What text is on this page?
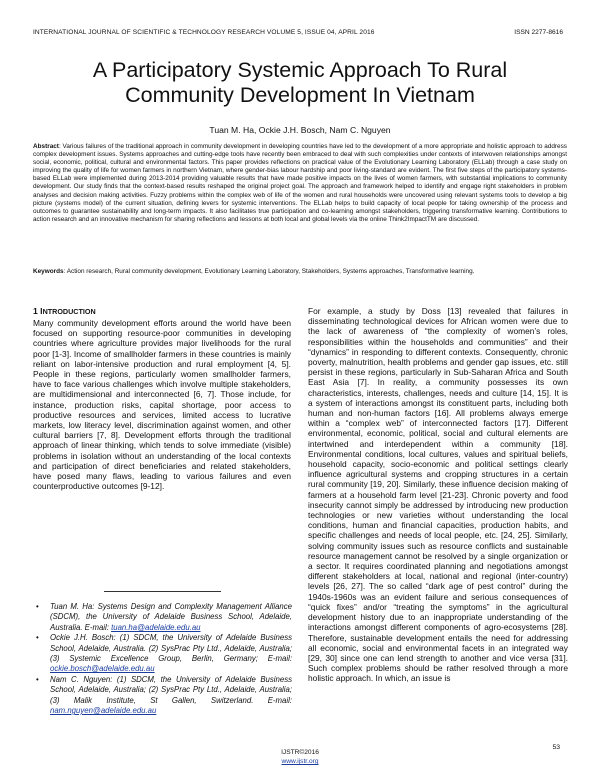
INTERNATIONAL JOURNAL OF SCIENTIFIC & TECHNOLOGY RESEARCH VOLUME 5, ISSUE 04, APRIL 2016	ISSN 2277-8616
A Participatory Systemic Approach To Rural Community Development In Vietnam
Tuan M. Ha, Ockie J.H. Bosch, Nam C. Nguyen

Abstract: Various failures of the traditional approach in community development in developing countries have led to the development of a more appropriate and holistic approach to address complex development issues. Systems approaches and cutting-edge tools have recently been embraced to deal with such complexities under contexts of interwoven relationships amongst social, economic, political, cultural and environmental factors. This paper provides reflections on practical value of the Evolutionary Learning Laboratory (ELLab) through a case study on improving the quality of life for women farmers in northern Vietnam, where gender-bias labour hardship and poor living-standard are evident. The first five steps of the participatory systems-based ELLab were implemented during 2013-2014 providing valuable results that have made positive impacts on the lives of women farmers, with substantial implications to community development. Our study finds that the context-based results reshaped the original project goal. The approach and framework helped to identify and engage right stakeholders in problem analyses and decision making activities. Fuzzy problems within the complex web of life of the women and rural households were uncovered using relevant systems tools to develop a big picture (systems model) of the current situation, defining levers for systemic interventions. The ELLab helps to build capacity of local people for taking ownership of the process and outcomes to guarantee sustainability and long-term impacts. It also facilitates true participation and co-learning amongst stakeholders, triggering transformative learning. Contributions to action research and an innovative mechanism for sharing reflections and lessons at both local and global levels via the online Think2ImpactTM are discussed.

Keywords: Action research, Rural community development, Evolutionary Learning Laboratory, Stakeholders, Systems approaches, Transformative learning.

1 INTRODUCTION

Many community development efforts around the world have been focused on supporting resource-poor communities in developing countries where agriculture provides major livelihoods for the rural poor [1-3]. Income of smallholder farmers in these countries is mainly reliant on labor-intensive production and rural employment [4, 5]. People in these regions, particularly women smallholder farmers, have to face various challenges which involve multiple stakeholders, are multidimensional and interconnected [6, 7]. Those include, for instance, production risks, capital shortage, poor access to productive resources and services, limited access to lucrative markets, low literacy level, discrimination against women, and other cultural barriers [7, 8]. Development efforts through the traditional approach of linear thinking, which tends to solve immediate (visible) problems in isolation without an understanding of the local contexts and participation of direct beneficiaries and related stakeholders, have posed many flaws, leading to various failures and even counterproductive outcomes [9-12].

• Tuan M. Ha: Systems Design and Complexity Management Alliance (SDCM), the University of Adelaide Business School, Adelaide, Australia. E-mail: tuan.ha@adelaide.edu.au
• Ockie J.H. Bosch: (1) SDCM, the University of Adelaide Business School, Adelaide, Australia. (2) SysPrac Pty Ltd., Adelaide, Australia; (3) Systemic Excellence Group, Berlin, Germany; E-mail: ockie.bosch@adelaide.edu.au
• Nam C. Nguyen: (1) SDCM, the University of Adelaide Business School, Adelaide, Australia; (2) SysPrac Pty Ltd., Adelaide, Australia; (3) Malik Institute, St Gallen, Switzerland. E-mail: nam.nguyen@adelaide.edu.au

For example, a study by Doss [13] revealed that failures in disseminating technological devices for African women were due to the lack of awareness of “the complexity of women’s roles, responsibilities within the households and communities” and their “dynamics” in responding to different contexts. Consequently, chronic poverty, malnutrition, health problems and gender gap issues, etc. still persist in these regions, particularly in Sub-Saharan Africa and South East Asia [7]. In reality, a community possesses its own characteristics, interests, challenges, needs and culture [14, 15]. It is a system of interactions amongst its constituent parts, including both human and non-human factors [16]. All problems always emerge within a “complex web” of interconnected factors [17]. Different environmental, economic, political, social and cultural elements are intertwined and interdependent within a community [18]. Environmental conditions, local cultures, values and spiritual beliefs, household capacity, socio-economic and political settings clearly influence agricultural systems and cropping structures in a certain rural community [19, 20]. Similarly, these influence decision making of farmers at a household farm level [21-23]. Chronic poverty and food insecurity cannot simply be addressed by introducing new production technologies or new varieties without understanding the local conditions, human and financial capacities, production habits, and specific challenges and needs of local people, etc. [24, 25]. Similarly, solving community issues such as resource conflicts and sustainable resource management cannot be resolved by a single organization or a sector. It requires coordinated planning and negotiations amongst different stakeholders at local, national and regional (inter-country) levels [26, 27]. The so called “dark age of pest control” during the 1940s-1960s was an evident failure and serious consequences of “quick fixes” and/or “treating the symptoms” in the agricultural development history due to an inappropriate understanding of the interactions amongst different components of agro-ecosystems [28]. Therefore, sustainable development entails the need for addressing all economic, social and environmental facets in an integrated way [29, 30] since one can lend strength to another and vice versa [31]. Such complex problems should be rather resolved through a more holistic approach. In which, an issue is

53
IJSTR©2016
www.ijstr.org
